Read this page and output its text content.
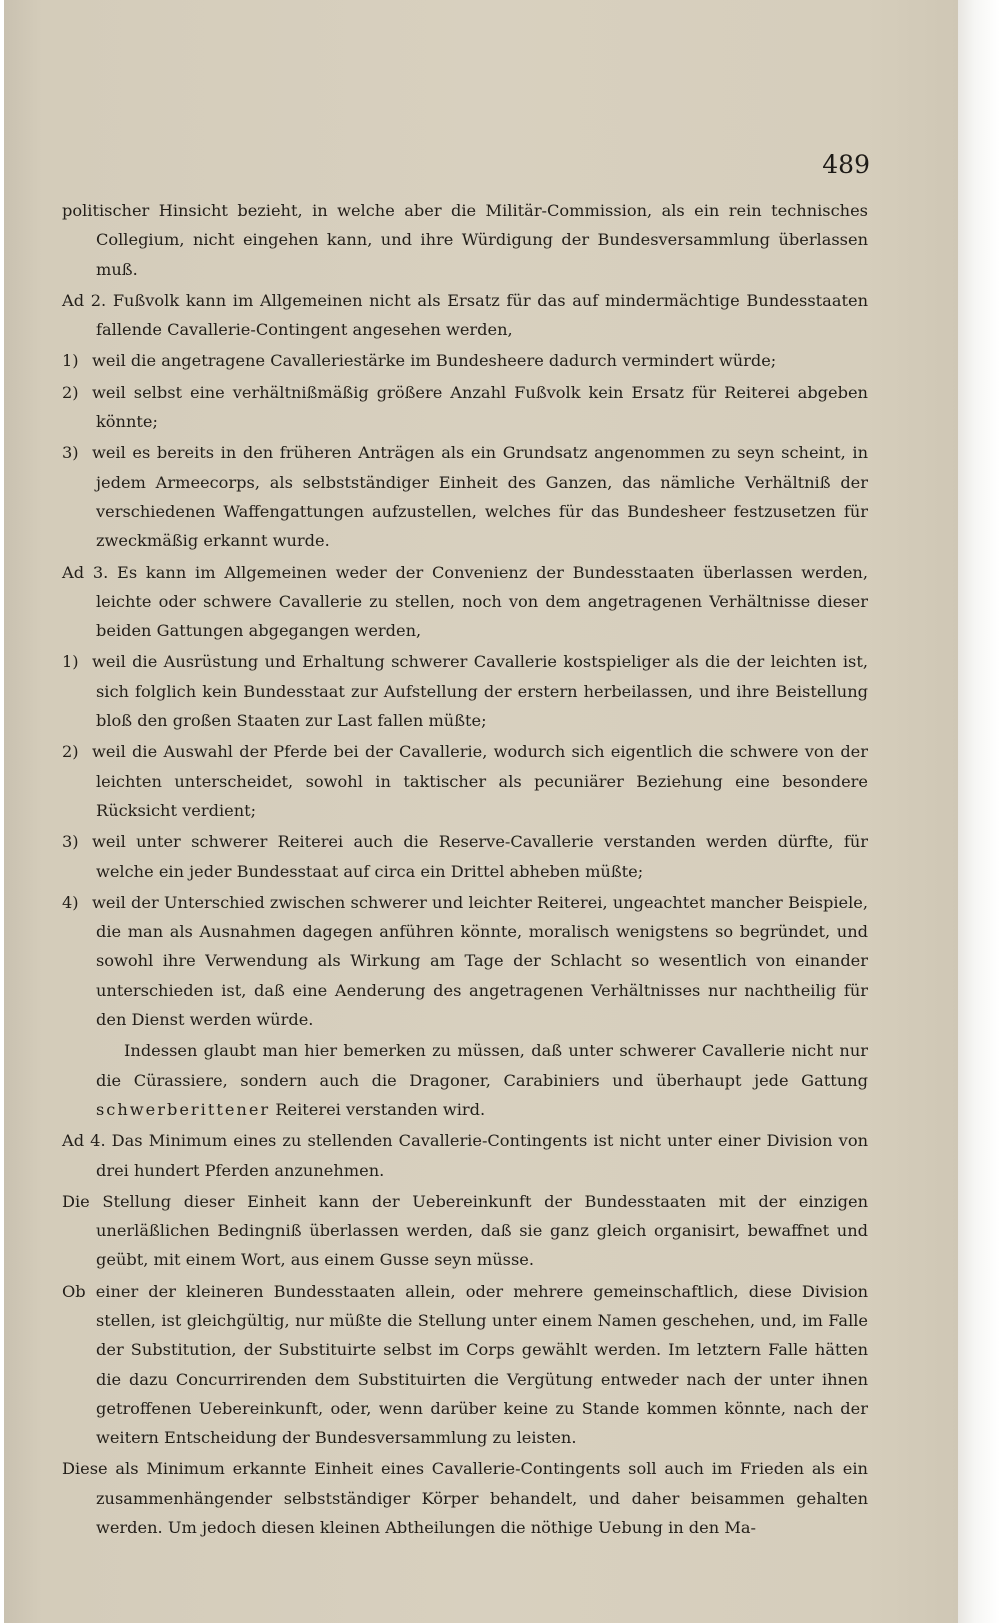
489

politischer Hinsicht bezieht, in welche aber die Militär-Commission, als ein rein technisches Collegium, nicht eingehen kann, und ihre Würdigung der Bundesversammlung überlassen muß.

Ad 2. Fußvolk kann im Allgemeinen nicht als Ersatz für das auf mindermächtige Bundesstaaten fallende Cavallerie-Contingent angesehen werden,

1) weil die angetragene Cavalleriestärke im Bundesheere dadurch vermindert würde;

2) weil selbst eine verhältnißmäßig größere Anzahl Fußvolk kein Ersatz für Reiterei abgeben könnte;

3) weil es bereits in den früheren Anträgen als ein Grundsatz angenommen zu seyn scheint, in jedem Armeecorps, als selbstständiger Einheit des Ganzen, das nämliche Verhältniß der verschiedenen Waffengattungen aufzustellen, welches für das Bundesheer festzusetzen für zweckmäßig erkannt wurde.

Ad 3. Es kann im Allgemeinen weder der Convenienz der Bundesstaaten überlassen werden, leichte oder schwere Cavallerie zu stellen, noch von dem angetragenen Verhältnisse dieser beiden Gattungen abgegangen werden,

1) weil die Ausrüstung und Erhaltung schwerer Cavallerie kostspieliger als die der leichten ist, sich folglich kein Bundesstaat zur Aufstellung der erstern herbeilassen, und ihre Beistellung bloß den großen Staaten zur Last fallen müßte;

2) weil die Auswahl der Pferde bei der Cavallerie, wodurch sich eigentlich die schwere von der leichten unterscheidet, sowohl in taktischer als pecuniärer Beziehung eine besondere Rücksicht verdient;

3) weil unter schwerer Reiterei auch die Reserve-Cavallerie verstanden werden dürfte, für welche ein jeder Bundesstaat auf circa ein Drittel abheben müßte;

4) weil der Unterschied zwischen schwerer und leichter Reiterei, ungeachtet mancher Beispiele, die man als Ausnahmen dagegen anführen könnte, moralisch wenigstens so begründet, und sowohl ihre Verwendung als Wirkung am Tage der Schlacht so wesentlich von einander unterschieden ist, daß eine Aenderung des angetragenen Verhältnisses nur nachtheilig für den Dienst werden würde.

Indessen glaubt man hier bemerken zu müssen, daß unter schwerer Cavallerie nicht nur die Cürassiere, sondern auch die Dragoner, Carabiniers und überhaupt jede Gattung schwerberittener Reiterei verstanden wird.

Ad 4. Das Minimum eines zu stellenden Cavallerie-Contingents ist nicht unter einer Division von drei hundert Pferden anzunehmen.

Die Stellung dieser Einheit kann der Uebereinkunft der Bundesstaaten mit der einzigen unerläßlichen Bedingniß überlassen werden, daß sie ganz gleich organisirt, bewaffnet und geübt, mit einem Wort, aus einem Gusse seyn müsse.

Ob einer der kleineren Bundesstaaten allein, oder mehrere gemeinschaftlich, diese Division stellen, ist gleichgültig, nur müßte die Stellung unter einem Namen geschehen, und, im Falle der Substitution, der Substituirte selbst im Corps gewählt werden. Im letztern Falle hätten die dazu Concurrirenden dem Substituirten die Vergütung entweder nach der unter ihnen getroffenen Uebereinkunft, oder, wenn darüber keine zu Stande kommen könnte, nach der weitern Entscheidung der Bundesversammlung zu leisten.

Diese als Minimum erkannte Einheit eines Cavallerie-Contingents soll auch im Frieden als ein zusammenhängender selbstständiger Körper behandelt, und daher beisammen gehalten werden. Um jedoch diesen kleinen Abtheilungen die nöthige Uebung in den Ma-
